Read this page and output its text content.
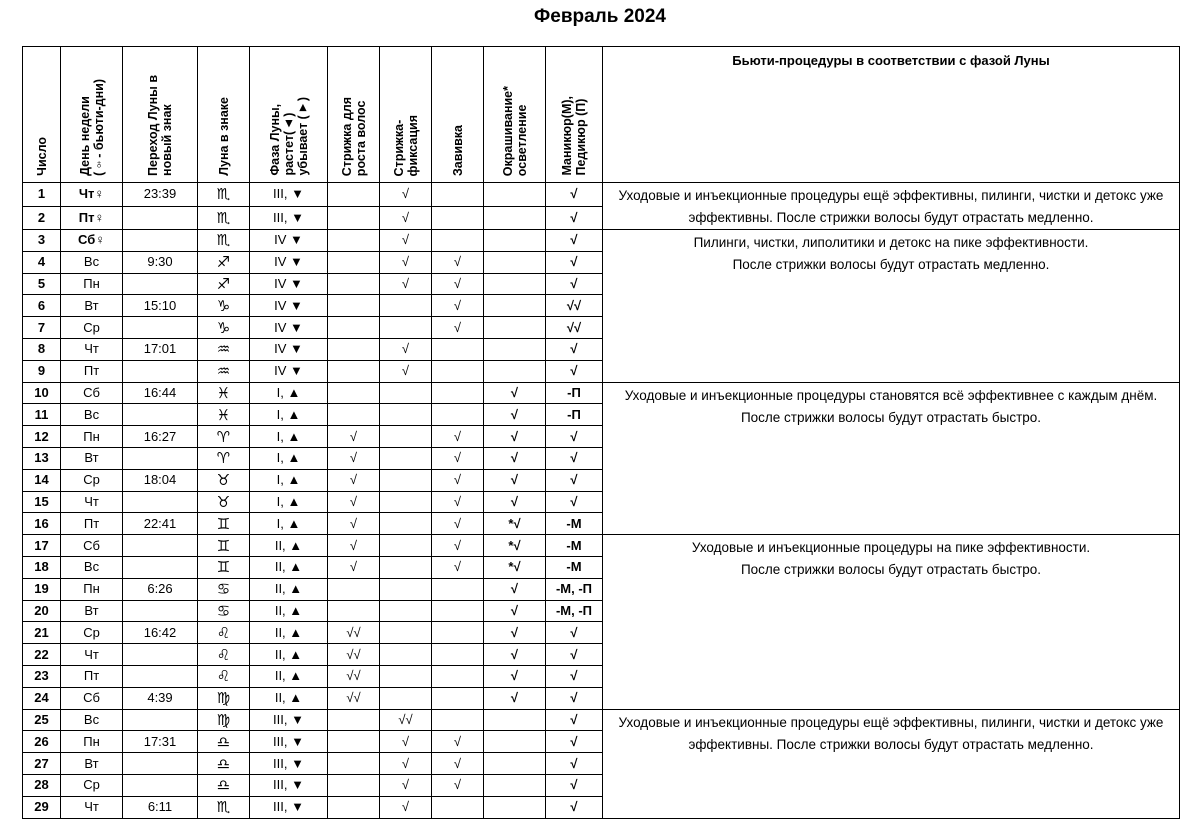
Февраль 2024
Число	День недели
(♀- бьюти-дни)	Переход Луны в
новый знак	Луна в знаке	Фаза Луны,
растет(▲)
убывает (▼)	Стрижка для
роста волос	Стрижка-
фиксация	Завивка	Окрашивание*
осветление	Маникюр(М),
Педикюр (П)	Бьюти-процедуры в соответствии с фазой Луны
1	Чт♀	23:39	♏	III, ▼		√			√	Уходовые и инъекционные процедуры ещё эффективны, пилинги, чистки и детокс уже эффективны. После стрижки волосы будут отрастать медленно.
2	Пт♀		♏	III, ▼		√			√	
3	Сб♀		♏	IV ▼		√			√	Пилинги, чистки, липолитики и детокс на пике эффективности.
После стрижки волосы будут отрастать медленно.
4	Вс	9:30	♐	IV ▼		√	√		√	
5	Пн		♐	IV ▼		√	√		√	
6	Вт	15:10	♑	IV ▼			√		√√	
7	Ср		♑	IV ▼			√		√√	
8	Чт	17:01	♒	IV ▼		√			√	
9	Пт		♒	IV ▼		√			√	
10	Сб	16:44	♓	I, ▲				√	-П	Уходовые и инъекционные процедуры становятся всё эффективнее с каждым днём. После стрижки волосы будут отрастать быстро.
11	Вс		♓	I, ▲				√	-П	
12	Пн	16:27	♈	I, ▲	√		√	√	√	
13	Вт		♈	I, ▲	√		√	√	√	
14	Ср	18:04	♉	I, ▲	√		√	√	√	
15	Чт		♉	I, ▲	√		√	√	√	
16	Пт	22:41	♊	I, ▲	√		√	*√	-М	
17	Сб		♊	II, ▲	√		√	*√	-М	Уходовые и инъекционные процедуры на пике эффективности.
После стрижки волосы будут отрастать быстро.
18	Вс		♊	II, ▲	√		√	*√	-М	
19	Пн	6:26	♋	II, ▲				√	-М, -П	
20	Вт		♋	II, ▲				√	-М, -П	
21	Ср	16:42	♌	II, ▲	√√			√	√	
22	Чт		♌	II, ▲	√√			√	√	
23	Пт		♌	II, ▲	√√			√	√	
24	Сб	4:39	♍	II, ▲	√√			√	√	
25	Вс		♍	III, ▼		√√			√	Уходовые и инъекционные процедуры ещё эффективны, пилинги, чистки и детокс уже эффективны. После стрижки волосы будут отрастать медленно.
26	Пн	17:31	♎	III, ▼		√	√		√	
27	Вт		♎	III, ▼		√	√		√	
28	Ср		♎	III, ▼		√	√		√	
29	Чт	6:11	♏	III, ▼		√			√	
